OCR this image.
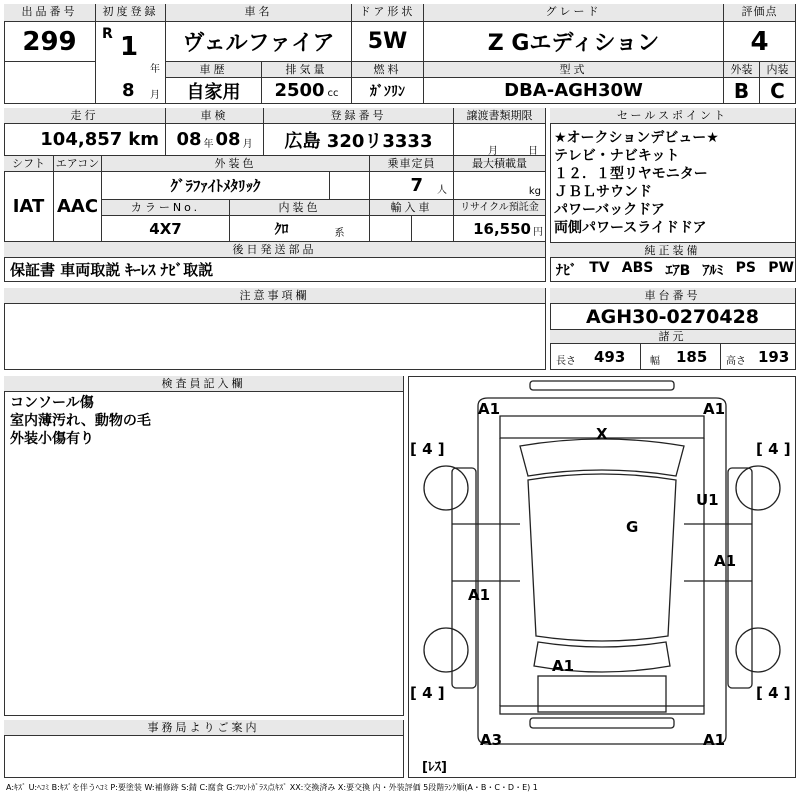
出品番号
299
初度登録
R 1
年
8 月
車名
ヴェルファイア
ドア形状
5W
グレード
Z Gエディション
評価点
4
車歴
自家用
排気量
2500 cc
燃料
ｶﾞｿﾘﾝ
型式
DBA-AGH30W
外装
B
内装
C
走行
104,857 km
車検
08 年 08 月
登録番号
広島 320リ3333
譲渡書類期限
月	日
シフト
IAT
エアコン
AAC
外装色
ｸﾞﾗﾌｧｲﾄﾒﾀﾘｯｸ
乗車定員
7 人
最大積載量
kg
カラーNo.
4X7
内装色
ｸﾛ	系
輸入車	リサイクル預託金
16,550 円
後日発送部品
保証書 車両取説 ｷｰﾚｽ ﾅﾋﾞ取説
セールスポイント
★オークションデビュー★
テレビ・ナビキット
１２．１型リヤモニター
ＪＢＬサウンド
パワーバックドア
両側パワースライドドア
純正装備
ﾅﾋﾞ TV ABS ｴｱB ｱﾙﾐ PS PW
注意事項欄	車台番号
AGH30-0270428
諸元
長さ 493 幅 185 高さ 193
検査員記入欄
コンソール傷
室内薄汚れ、動物の毛
外装小傷有り
事務局よりご案内
A1	A1
X
U1
G
A1
A1
A1
A3	A1
[ 4 ]	[ 4 ]
[ 4 ]	[ 4 ]
[ﾚｽ]
A:ｷｽﾞ U:ﾍｺﾐ B:ｷｽﾞを伴うﾍｺﾐ P:要塗装 W:補修跡 S:錆 C:腐食 G:ﾌﾛﾝﾄｶﾞﾗｽ点ｷｽﾞ XX:交換済み X:要交換 内・外装評価 5段階ﾗﾝｸ順(A・B・C・D・E) 1
